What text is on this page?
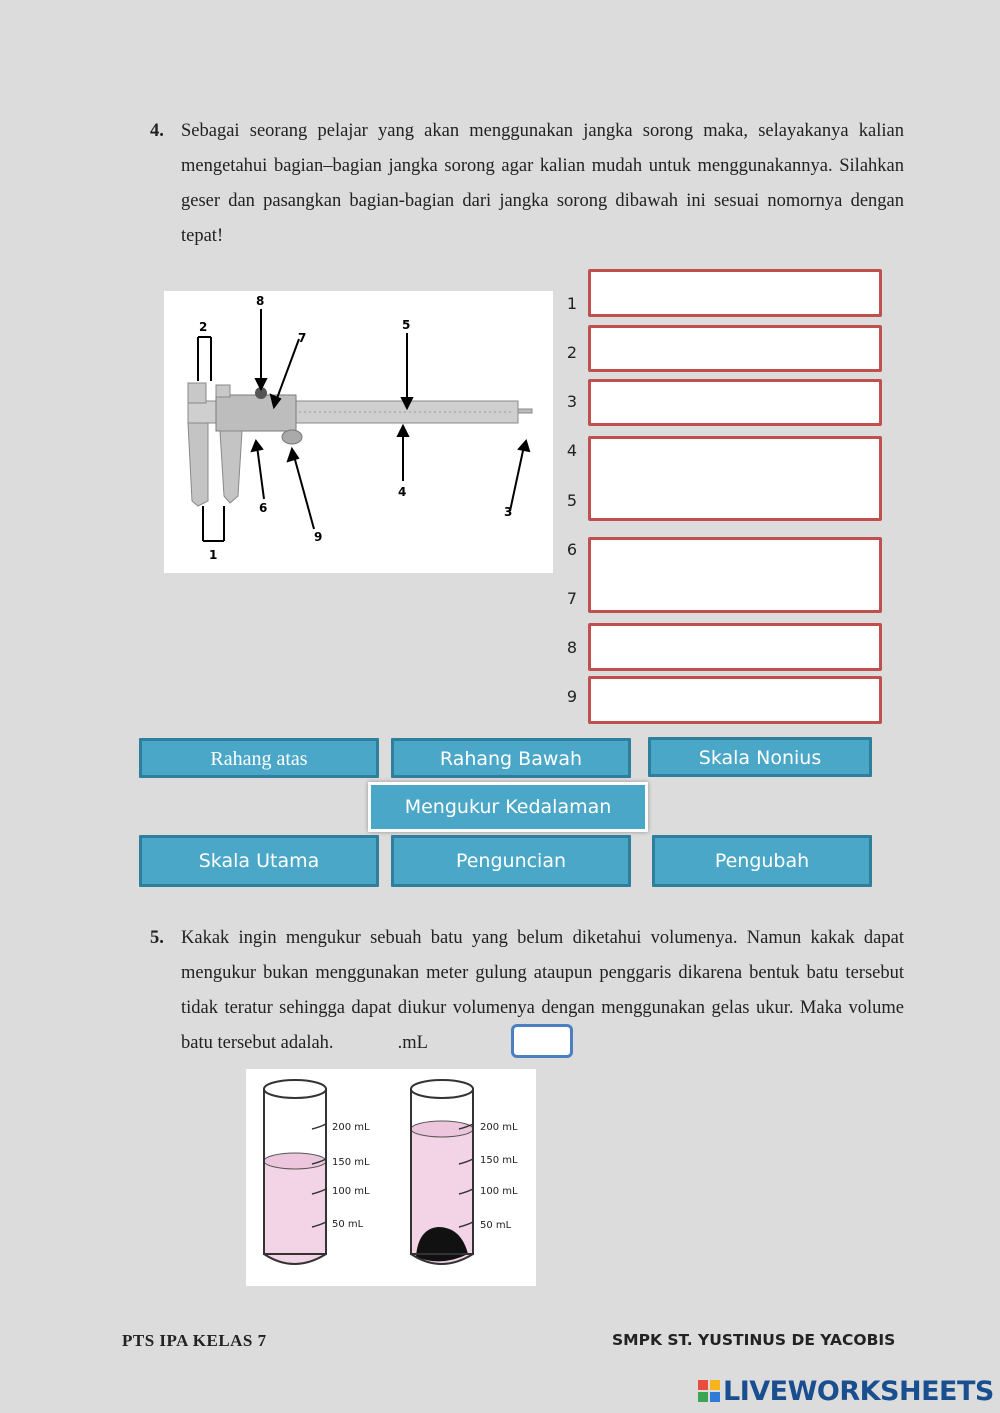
4. Sebagai seorang pelajar yang akan menggunakan jangka sorong maka, selayakanya kalian mengetahui bagian–bagian jangka sorong agar kalian mudah untuk menggunakannya. Silahkan geser dan pasangkan bagian-bagian dari jangka sorong dibawah ini sesuai nomornya dengan tepat!
8
2
7
5
6
4
9
3
1
1
2
3
4
5
6
7
8
9
Rahang atas	Rahang Bawah	Skala Nonius
Mengukur Kedalaman
Skala Utama	Penguncian	Pengubah
5. Kakak ingin mengukur sebuah batu yang belum diketahui volumenya. Namun kakak dapat mengukur bukan menggunakan meter gulung ataupun penggaris dikarena bentuk batu tersebut tidak teratur sehingga dapat diukur volumenya dengan menggunakan gelas ukur. Maka volume batu tersebut adalah.	.mL
200 mL
150 mL
100 mL
50 mL
200 mL
150 mL
100 mL
50 mL
PTS IPA KELAS 7	SMPK ST. YUSTINUS DE YACOBIS
LIVEWORKSHEETS
